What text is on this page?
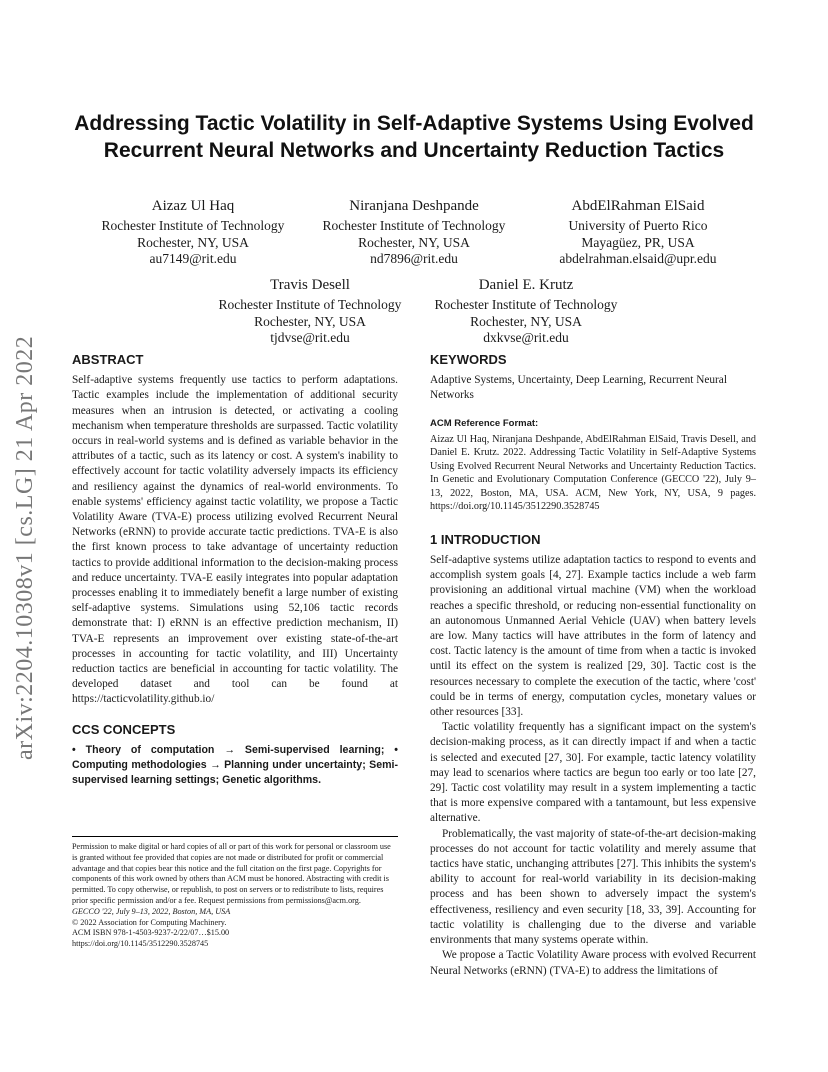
arXiv:2204.10308v1 [cs.LG] 21 Apr 2022
Addressing Tactic Volatility in Self-Adaptive Systems Using Evolved Recurrent Neural Networks and Uncertainty Reduction Tactics
Aizaz Ul Haq
Rochester Institute of Technology
Rochester, NY, USA
au7149@rit.edu
Niranjana Deshpande
Rochester Institute of Technology
Rochester, NY, USA
nd7896@rit.edu
AbdElRahman ElSaid
University of Puerto Rico
Mayagüez, PR, USA
abdelrahman.elsaid@upr.edu
Travis Desell
Rochester Institute of Technology
Rochester, NY, USA
tjdvse@rit.edu
Daniel E. Krutz
Rochester Institute of Technology
Rochester, NY, USA
dxkvse@rit.edu
ABSTRACT

Self-adaptive systems frequently use tactics to perform adaptations. Tactic examples include the implementation of additional security measures when an intrusion is detected, or activating a cooling mechanism when temperature thresholds are surpassed. Tactic volatility occurs in real-world systems and is defined as variable behavior in the attributes of a tactic, such as its latency or cost. A system's inability to effectively account for tactic volatility adversely impacts its efficiency and resiliency against the dynamics of real-world environments. To enable systems' efficiency against tactic volatility, we propose a Tactic Volatility Aware (TVA-E) process utilizing evolved Recurrent Neural Networks (eRNN) to provide accurate tactic predictions. TVA-E is also the first known process to take advantage of uncertainty reduction tactics to provide additional information to the decision-making process and reduce uncertainty. TVA-E easily integrates into popular adaptation processes enabling it to immediately benefit a large number of existing self-adaptive systems. Simulations using 52,106 tactic records demonstrate that: I) eRNN is an effective prediction mechanism, II) TVA-E represents an improvement over existing state-of-the-art processes in accounting for tactic volatility, and III) Uncertainty reduction tactics are beneficial in accounting for tactic volatility. The developed dataset and tool can be found at https://tacticvolatility.github.io/

CCS CONCEPTS

• Theory of computation → Semi-supervised learning; • Computing methodologies → Planning under uncertainty; Semi-supervised learning settings; Genetic algorithms.

Permission to make digital or hard copies of all or part of this work for personal or classroom use is granted without fee provided that copies are not made or distributed for profit or commercial advantage and that copies bear this notice and the full citation on the first page. Copyrights for components of this work owned by others than ACM must be honored. Abstracting with credit is permitted. To copy otherwise, or republish, to post on servers or to redistribute to lists, requires prior specific permission and/or a fee. Request permissions from permissions@acm.org.

GECCO '22, July 9–13, 2022, Boston, MA, USA

© 2022 Association for Computing Machinery.

ACM ISBN 978-1-4503-9237-2/22/07…$15.00

https://doi.org/10.1145/3512290.3528745

KEYWORDS

Adaptive Systems, Uncertainty, Deep Learning, Recurrent Neural Networks

ACM Reference Format:

Aizaz Ul Haq, Niranjana Deshpande, AbdElRahman ElSaid, Travis Desell, and Daniel E. Krutz. 2022. Addressing Tactic Volatility in Self-Adaptive Systems Using Evolved Recurrent Neural Networks and Uncertainty Reduction Tactics. In Genetic and Evolutionary Computation Conference (GECCO '22), July 9–13, 2022, Boston, MA, USA. ACM, New York, NY, USA, 9 pages. https://doi.org/10.1145/3512290.3528745

1 INTRODUCTION

Self-adaptive systems utilize adaptation tactics to respond to events and accomplish system goals [4, 27]. Example tactics include a web farm provisioning an additional virtual machine (VM) when the workload reaches a specific threshold, or reducing non-essential functionality on an autonomous Unmanned Aerial Vehicle (UAV) when battery levels are low. Many tactics will have attributes in the form of latency and cost. Tactic latency is the amount of time from when a tactic is invoked until its effect on the system is realized [29, 30]. Tactic cost is the resources necessary to complete the execution of the tactic, where 'cost' could be in terms of energy, computation cycles, monetary values or other resources [33].

Tactic volatility frequently has a significant impact on the system's decision-making process, as it can directly impact if and when a tactic is selected and executed [27, 30]. For example, tactic latency volatility may lead to scenarios where tactics are begun too early or too late [27, 29]. Tactic cost volatility may result in a system implementing a tactic that is more expensive compared with a tantamount, but less expensive alternative.

Problematically, the vast majority of state-of-the-art decision-making processes do not account for tactic volatility and merely assume that tactics have static, unchanging attributes [27]. This inhibits the system's ability to account for real-world variability in its decision-making process and has been shown to adversely impact the system's effectiveness, resiliency and even security [18, 33, 39]. Accounting for tactic volatility is challenging due to the diverse and variable environments that many systems operate within.

We propose a Tactic Volatility Aware process with evolved Recurrent Neural Networks (eRNN) (TVA-E) to address the limitations of
